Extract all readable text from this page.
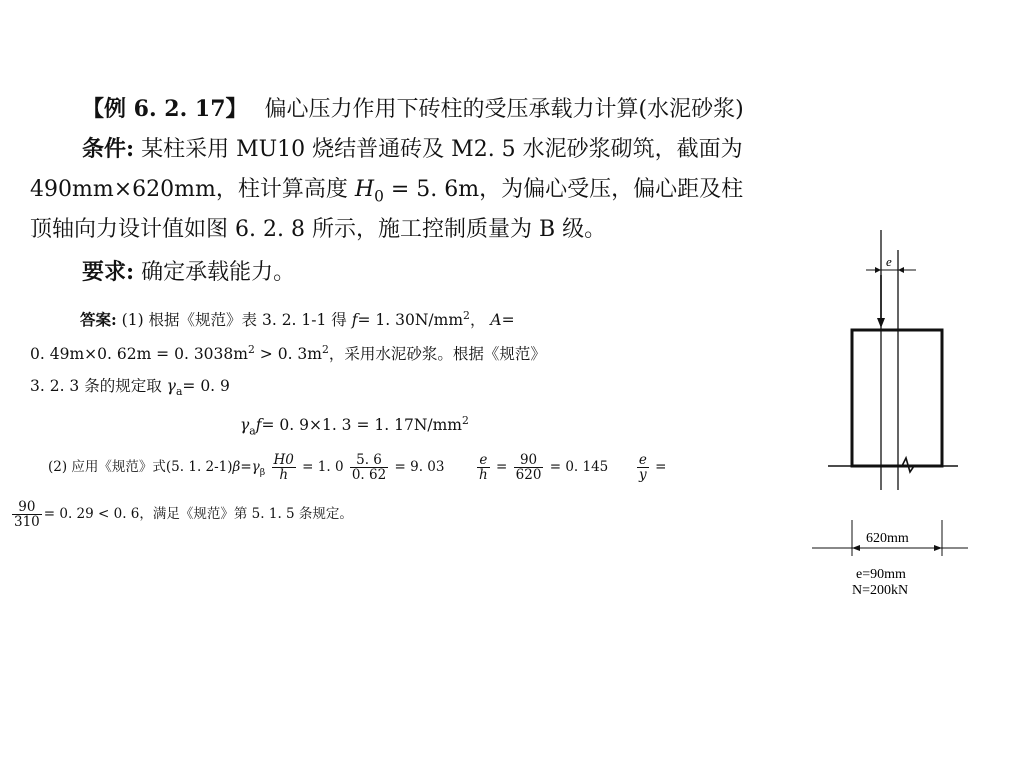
【例 6. 2. 17】 偏心压力作用下砖柱的受压承载力计算(水泥砂浆)
条件: 某柱采用 MU10 烧结普通砖及 M2. 5 水泥砂浆砌筑，截面为
490mm×620mm，柱计算高度 $H_0 = 5$. 6m，为偏心受压，偏心距及柱
顶轴向力设计值如图 6. 2. 8 所示，施工控制质量为 B 级。
要求: 确定承载能力。
答案: (1) 根据《规范》表 3. 2. 1-1 得 f= 1. $30N/mm^2$， A=
0. 49m×0. 62m = 0. $3038m^2 > 0$. $3m^2$，采用水泥砂浆。根据《规范》
3. 2. 3 条的规定取 $\gamma_a= 0$. 9
$\gamma_af= 0$. 9×1. 3 = 1. $17N/mm^2$
(2) 应用《规范》式(5. 1. $2-1)\beta=\gamma_\beta \frac{H0}{h} = 1$. $0 \frac{5. 6}{0. 62} = 9$. $03 \frac{e}{h} = \frac{90}{620} = 0$. $145 \frac{e}{y}$ =
$\frac{90}{310} = 0$. 29 < 0. 6，满足《规范》第 5. 1. 5 条规定。
e
620mm
e=90mm
N=200kN
